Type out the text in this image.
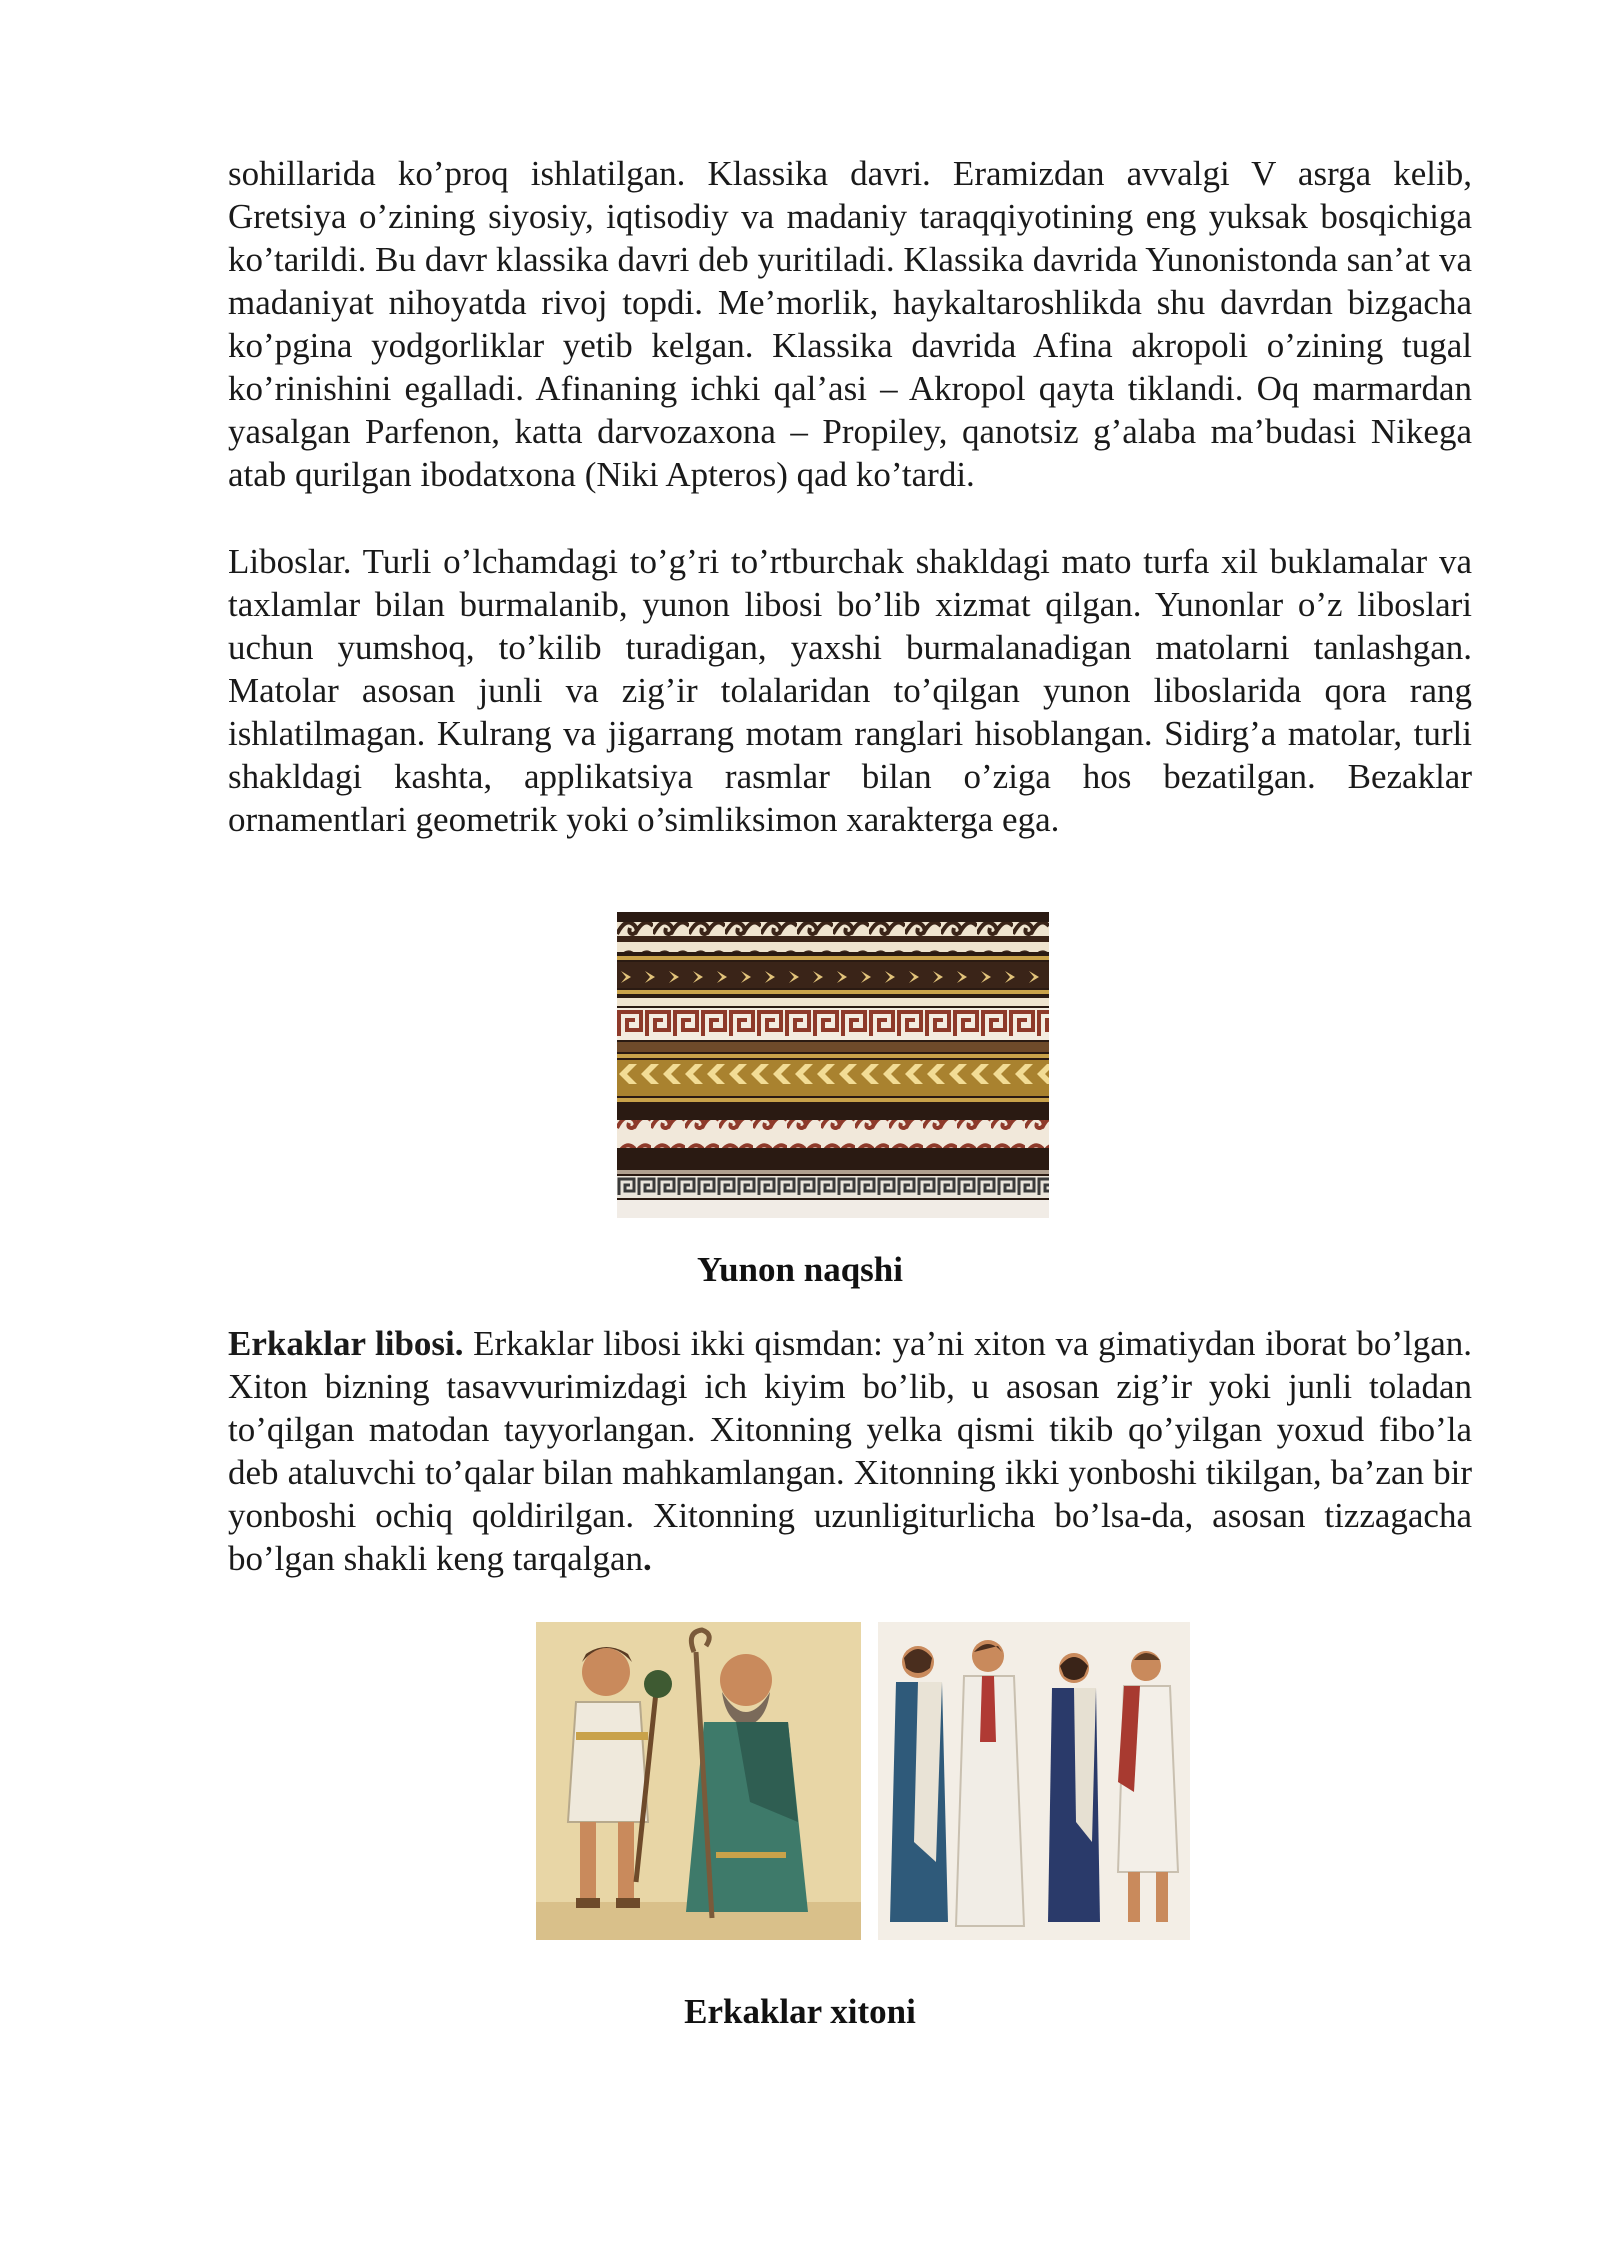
sohillarida ko’proq ishlatilgan. Klassika davri. Eramizdan avvalgi V asrga kelib, Gretsiya o’zining siyosiy, iqtisodiy va madaniy taraqqiyotining eng yuksak bosqichiga ko’tarildi. Bu davr klassika davri deb yuritiladi. Klassika davrida Yunonistonda san’at va madaniyat nihoyatda rivoj topdi. Me’morlik, haykaltaroshlikda shu davrdan bizgacha ko’pgina yodgorliklar yetib kelgan. Klassika davrida Afina akropoli o’zining tugal ko’rinishini egalladi. Afinaning ichki qal’asi – Akropol qayta tiklandi. Oq marmardan yasalgan Parfenon, katta darvozaxona – Propiley, qanotsiz g’alaba ma’budasi Nikega atab qurilgan ibodatxona (Niki Apteros) qad ko’tardi.

Liboslar. Turli o’lchamdagi to’g’ri to’rtburchak shakldagi mato turfa xil buklamalar va taxlamlar bilan burmalanib, yunon libosi bo’lib xizmat qilgan. Yunonlar o’z liboslari uchun yumshoq, to’kilib turadigan, yaxshi burmalanadigan matolarni tanlashgan. Matolar asosan junli va zig’ir tolalaridan to’qilgan yunon liboslarida qora rang ishlatilmagan. Kulrang va jigarrang motam ranglari hisoblangan. Sidirg’a matolar, turli shakldagi kashta, applikatsiya rasmlar bilan o’ziga hos bezatilgan. Bezaklar ornamentlari geometrik yoki o’simliksimon xarakterga ega.

Yunon naqshi

Erkaklar libosi. Erkaklar libosi ikki qismdan: ya’ni xiton va gimatiydan iborat bo’lgan. Xiton bizning tasavvurimizdagi ich kiyim bo’lib, u asosan zig’ir yoki junli toladan to’qilgan matodan tayyorlangan. Xitonning yelka qismi tikib qo’yilgan yoxud fibo’la deb ataluvchi to’qalar bilan mahkamlangan. Xitonning ikki yonboshi tikilgan, ba’zan bir yonboshi ochiq qoldirilgan. Xitonning uzunligiturlicha bo’lsa-da, asosan tizzagacha bo’lgan shakli keng tarqalgan.

Erkaklar xitoni
